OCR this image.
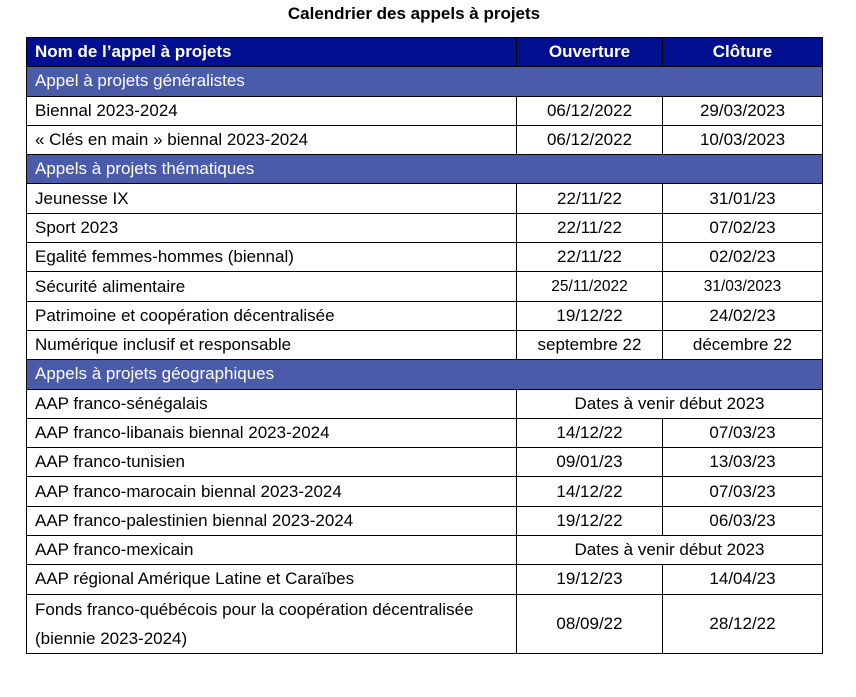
Calendrier des appels à projets
Nom de l’appel à projets	Ouverture	Clôture
Appel à projets généralistes		
Biennal 2023-2024	06/12/2022	29/03/2023
« Clés en main » biennal 2023-2024	06/12/2022	10/03/2023
Appels à projets thématiques		
Jeunesse IX	22/11/22	31/01/23
Sport 2023	22/11/22	07/02/23
Egalité femmes-hommes (biennal)	22/11/22	02/02/23
Sécurité alimentaire	25/11/2022	31/03/2023
Patrimoine et coopération décentralisée	19/12/22	24/02/23
Numérique inclusif et responsable	septembre 22	décembre 22
Appels à projets géographiques		
AAP franco-sénégalais	Dates à venir début 2023	
AAP franco-libanais biennal 2023-2024	14/12/22	07/03/23
AAP franco-tunisien	09/01/23	13/03/23
AAP franco-marocain biennal 2023-2024	14/12/22	07/03/23
AAP franco-palestinien biennal 2023-2024	19/12/22	06/03/23
AAP franco-mexicain	Dates à venir début 2023	
AAP régional Amérique Latine et Caraïbes	19/12/23	14/04/23
Fonds franco-québécois pour la coopération décentralisée (biennie 2023-2024)	08/09/22	28/12/22
